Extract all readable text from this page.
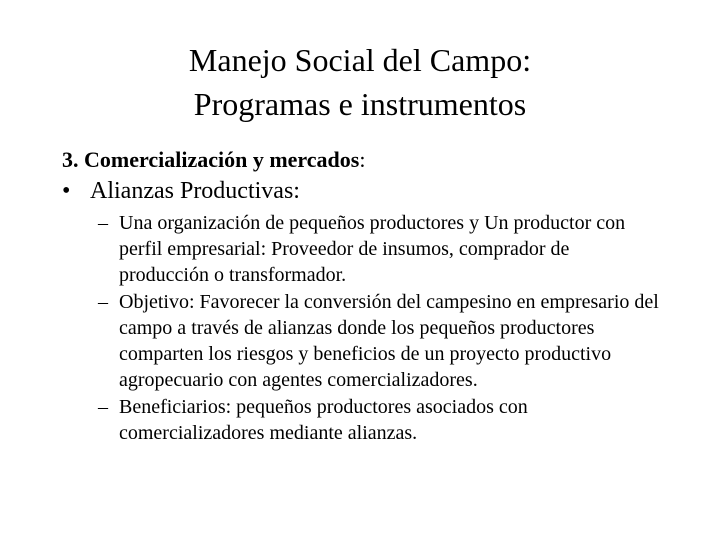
Manejo Social del Campo:
Programas e instrumentos

3. Comercialización y mercados:

• Alianzas Productivas:
– Una organización de pequeños productores y Un productor con perfil empresarial: Proveedor de insumos, comprador de producción o transformador.
– Objetivo: Favorecer la conversión del campesino en empresario del campo a través de alianzas donde los pequeños productores comparten los riesgos y beneficios de un proyecto productivo agropecuario con agentes comercializadores.
– Beneficiarios: pequeños productores asociados con comercializadores mediante alianzas.
